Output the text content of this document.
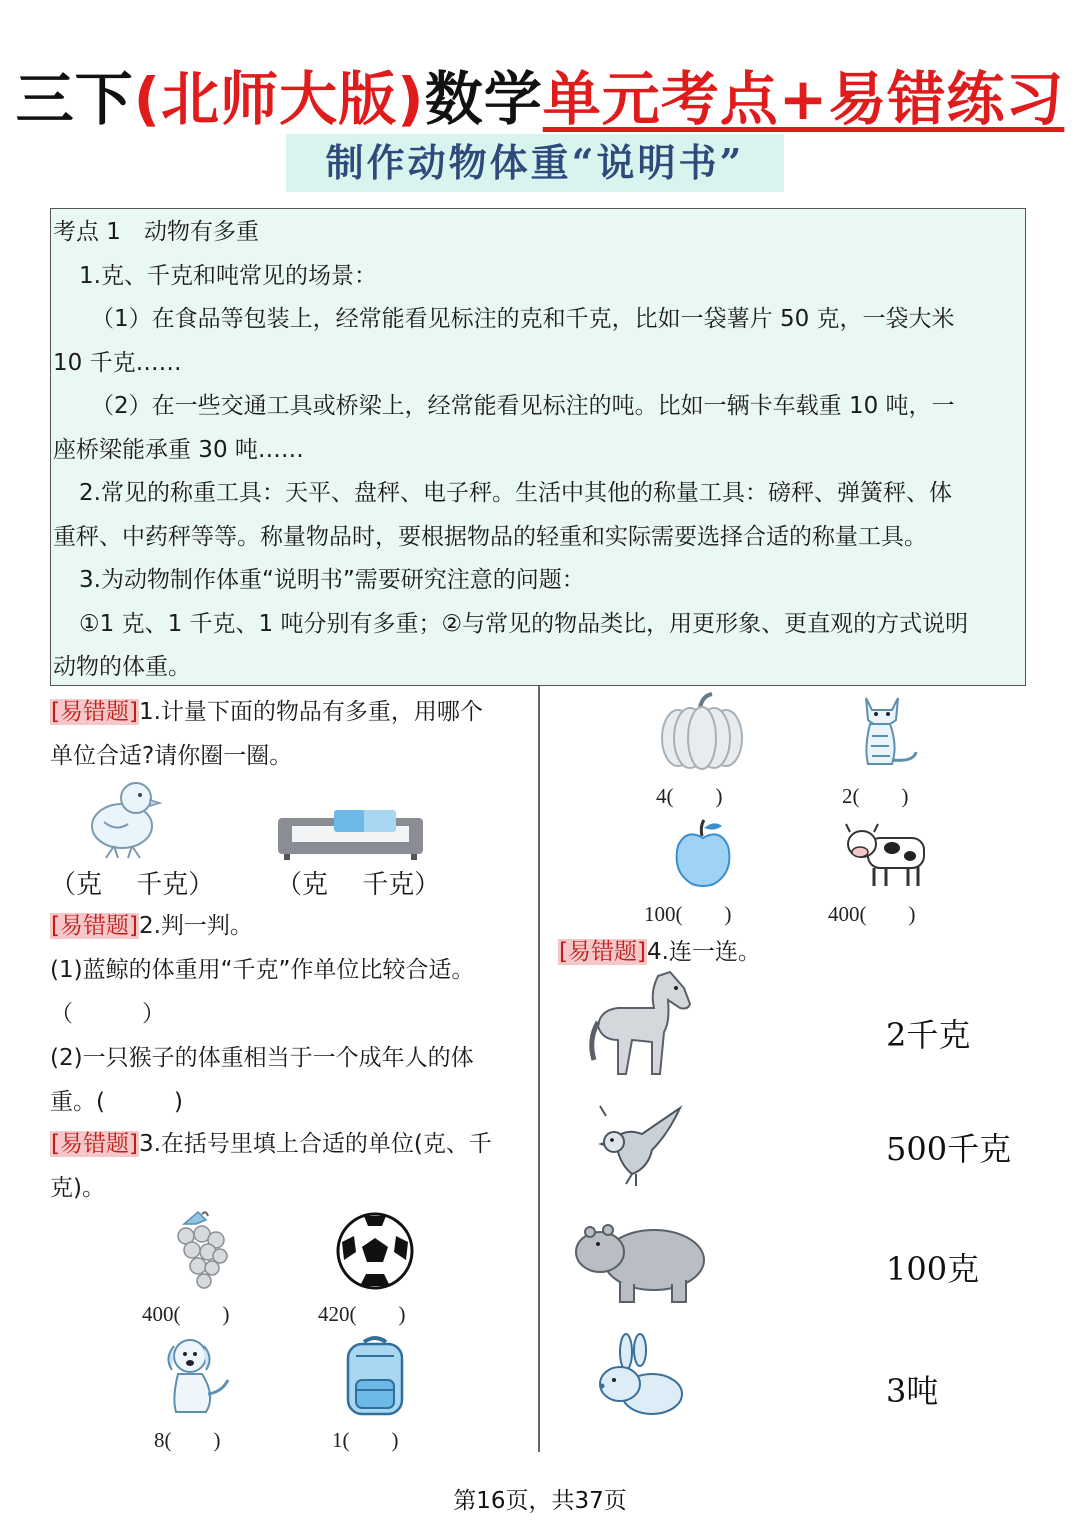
三下(北师大版)数学单元考点+易错练习
制作动物体重“说明书”

考点 1　动物有多重

1.克、千克和吨常见的场景：

（1）在食品等包装上，经常能看见标注的克和千克，比如一袋薯片 50 克，一袋大米

10 千克……

（2）在一些交通工具或桥梁上，经常能看见标注的吨。比如一辆卡车载重 10 吨，一

座桥梁能承重 30 吨……

2.常见的称重工具：天平、盘秤、电子秤。生活中其他的称量工具：磅秤、弹簧秤、体

重秤、中药秤等等。称量物品时，要根据物品的轻重和实际需要选择合适的称量工具。

3.为动物制作体重“说明书”需要研究注意的问题：

①1 克、1 千克、1 吨分别有多重；②与常见的物品类比，用更形象、更直观的方式说明

动物的体重。

[易错题]1.计量下面的物品有多重，用哪个
单位合适?请你圈一圈。
（克　 千克） （克　 千克）
[易错题]2.判一判。
(1)蓝鲸的体重用“千克”作单位比较合适。
（　　　）
(2)一只猴子的体重相当于一个成年人的体
重。(　　　)
[易错题]3.在括号里填上合适的单位(克、千
克)。
400(　　)	420(　　)
8(　　)	1(　　)
4(　　)	2(　　)
100(　　)	400(　　)
[易错题]4.连一连。
2千克
500千克
100克
3吨
第16页，共37页
